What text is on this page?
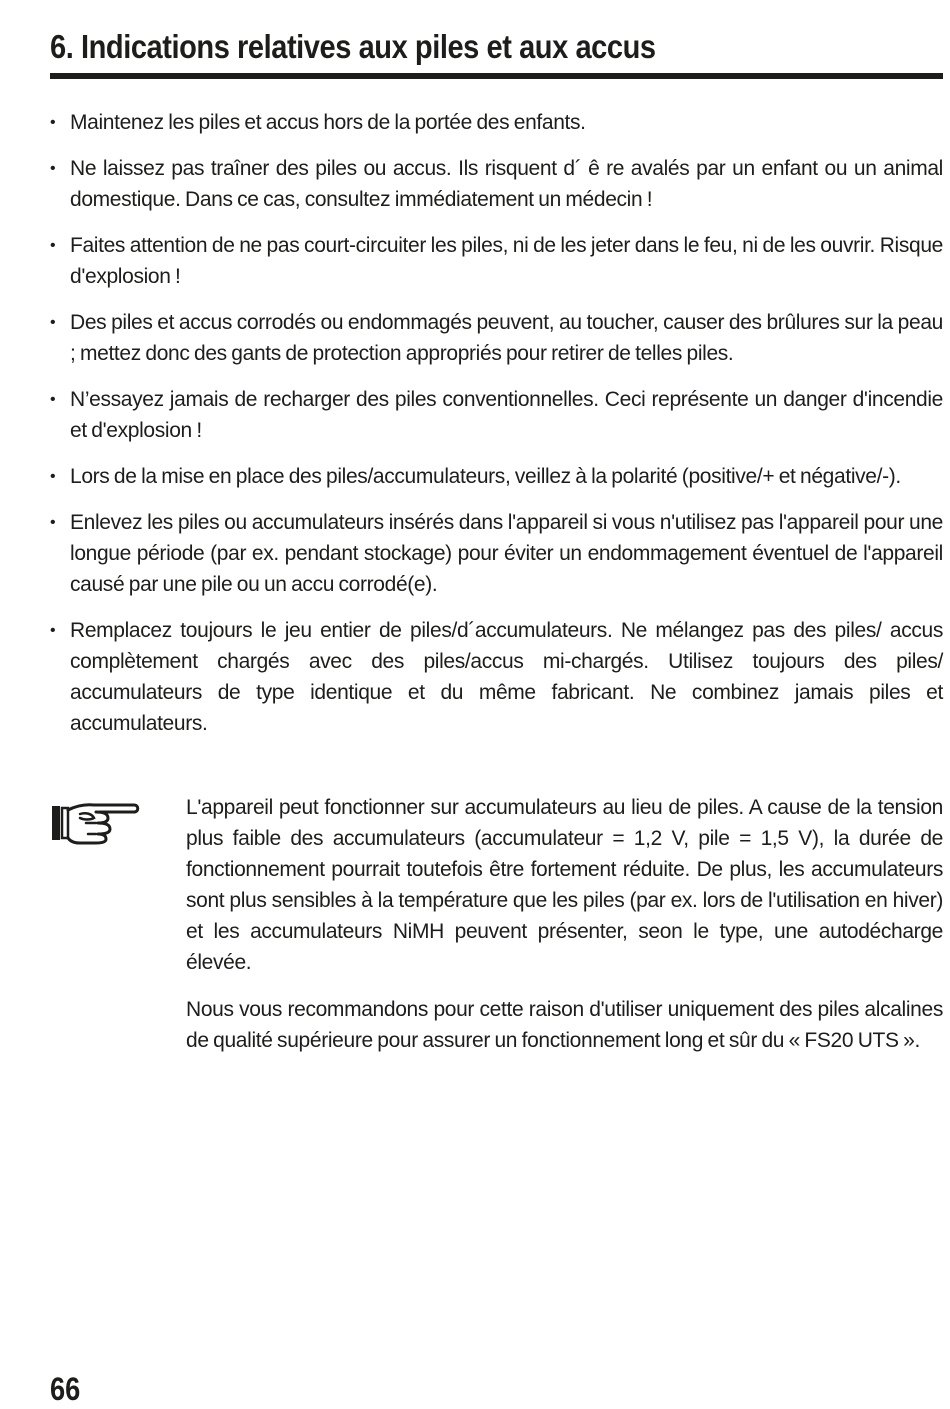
6. Indications relatives aux piles et aux accus
• Maintenez les piles et accus hors de la portée des enfants.
• Ne laissez pas traîner des piles ou accus. Ils risquent d´ ê re avalés par un enfant ou un animal domestique. Dans ce cas, consultez immédiatement un médecin !
• Faites attention de ne pas court-circuiter les piles, ni de les jeter dans le feu, ni de les ouvrir. Risque d'explosion !
• Des piles et accus corrodés ou endommagés peuvent, au toucher, causer des brûlures sur la peau ; mettez donc des gants de protection appropriés pour retirer de telles piles.
• N’essayez jamais de recharger des piles conventionnelles. Ceci représente un danger d'incendie et d'explosion !
• Lors de la mise en place des piles/accumulateurs, veillez à la polarité (positive/+ et négative/-).
• Enlevez les piles ou accumulateurs insérés dans l'appareil si vous n'utilisez pas l'appareil pour une longue période (par ex. pendant stockage) pour éviter un endommagement éventuel de l'appareil causé par une pile ou un accu corrodé(e).
• Remplacez toujours le jeu entier de piles/d´accumulateurs. Ne mélangez pas des piles/ accus complètement chargés avec des piles/accus mi-chargés. Utilisez toujours des piles/ accumulateurs de type identique et du même fabricant. Ne combinez jamais piles et accumulateurs.

L'appareil peut fonctionner sur accumulateurs au lieu de piles. A cause de la tension plus faible des accumulateurs (accumulateur = 1,2 V, pile = 1,5 V), la durée de fonctionnement pourrait toutefois être fortement réduite. De plus, les accumulateurs sont plus sensibles à la température que les piles (par ex. lors de l'utilisation en hiver) et les accumulateurs NiMH peuvent présenter, seon le type, une autodécharge élevée.

Nous vous recommandons pour cette raison d'utiliser uniquement des piles alcalines de qualité supérieure pour assurer un fonctionnement long et sûr du « FS20 UTS ».

66
